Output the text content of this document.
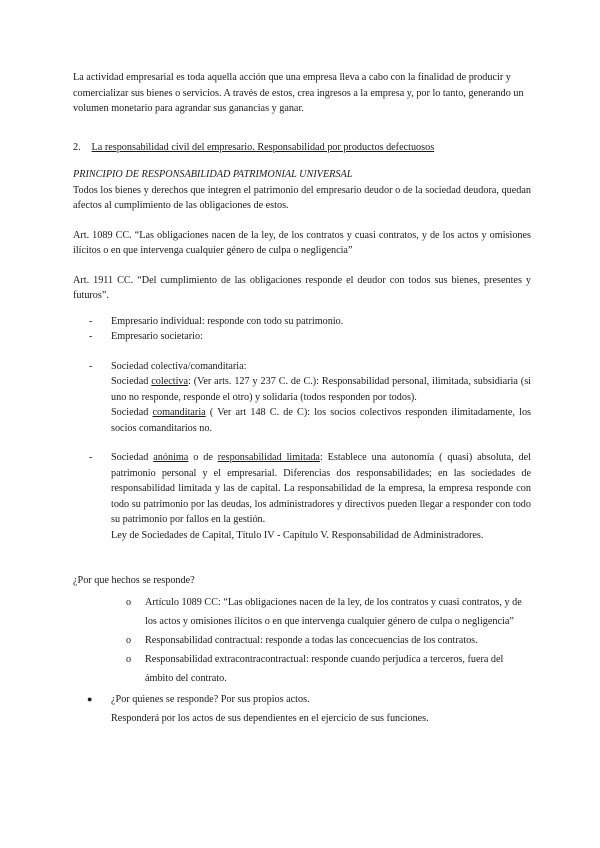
La actividad empresarial es toda aquella acción que una empresa lleva a cabo con la finalidad de producir y comercializar sus bienes o servicios. A través de estos, crea ingresos a la empresa y, por lo tanto, generando un volumen monetario para agrandar sus ganancias y ganar.

2. La responsabilidad civil del empresario. Responsabilidad por productos defectuosos

PRINCIPIO DE RESPONSABILIDAD PATRIMONIAL UNIVERSAL

Todos los bienes y derechos que integren el patrimonio del empresario deudor o de la sociedad deudora, quedan afectos al cumplimiento de las obligaciones de estos.

Art. 1089 CC. “Las obligaciones nacen de la ley, de los contratos y cuasi contratos, y de los actos y omisiones ilícitos o en que intervenga cualquier género de culpa o negligencia”

Art. 1911 CC. “Del cumplimiento de las obligaciones responde el deudor con todos sus bienes, presentes y futuros”.

- Empresario individual: responde con todo su patrimonio.
- Empresario societario:
- Sociedad colectiva/comanditaria:
Sociedad colectiva: (Ver arts. 127 y 237 C. de C.): Responsabilidad personal, ilimitada, subsidiaria (si uno no responde, responde el otro) y solidaria (todos responden por todos).
Sociedad comanditaria ( Ver art 148 C. de C): los socios colectivos responden ilimitadamente, los socios comanditarios no.
- Sociedad anónima o de responsabilidad limitada: Establece una autonomía ( quasi) absoluta, del patrimonio personal y el empresarial. Diferencias dos responsabilidades; en las sociedades de responsabilidad limitada y las de capital. La responsabilidad de la empresa, la empresa responde con todo su patrimonio por las deudas, los administradores y directivos pueden llegar a responder con todo su patrimonio por fallos en la gestión.
Ley de Sociedades de Capital, Título IV - Capítulo V. Responsabilidad de Administradores.

¿Por que hechos se responde?

o Artículo 1089 CC: “Las obligaciones nacen de la ley, de los contratos y cuasi contratos, y de los actos y omisiones ilícitos o en que intervenga cualquier género de culpa o negligencia”
o Responsabilidad contractual: responde a todas las concecuencias de los contratos.
o Responsabilidad extracontracontractual: responde cuando perjudica a terceros, fuera del ámbito del contrato.
● ¿Por quienes se responde? Por sus propios actos.

Responderá por los actos de sus dependientes en el ejercicio de sus funciones.
